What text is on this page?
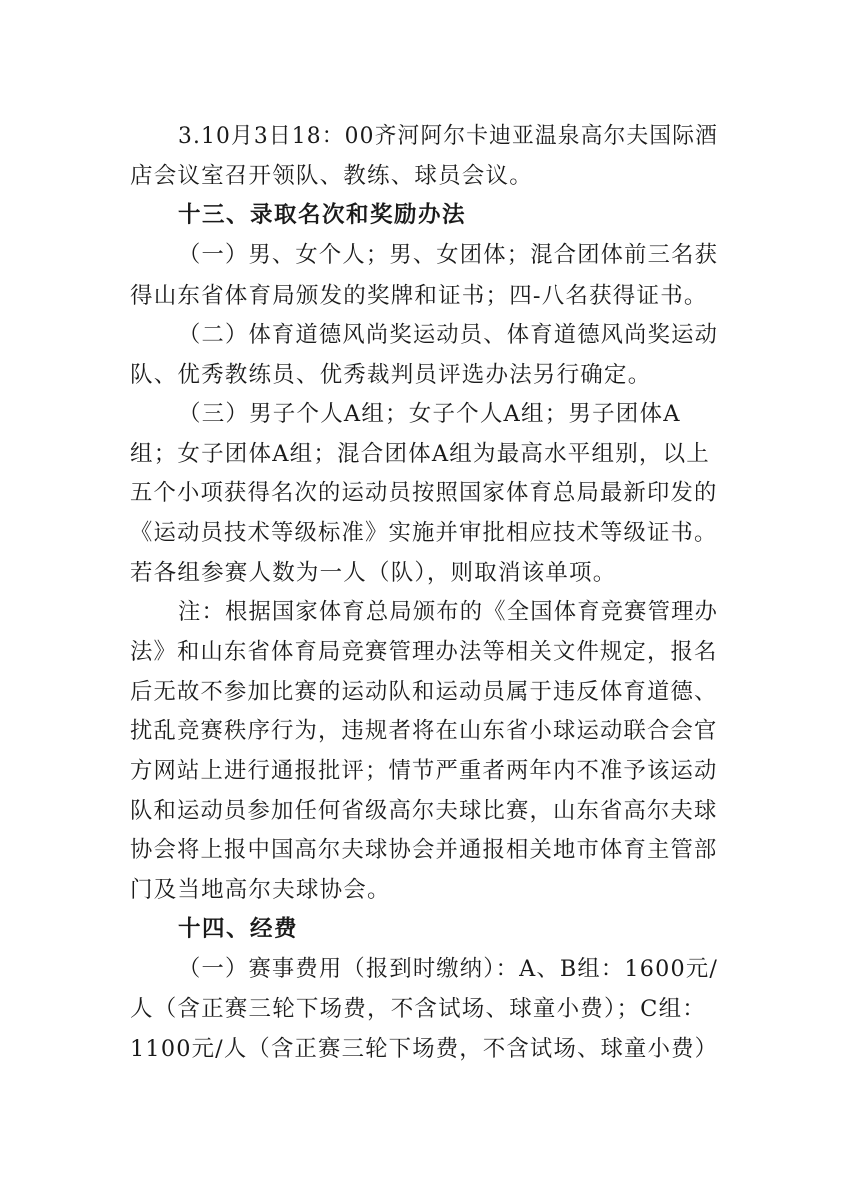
3.10月3日18：00齐河阿尔卡迪亚温泉高尔夫国际酒
店会议室召开领队、教练、球员会议。
十三、录取名次和奖励办法
（一）男、女个人；男、女团体；混合团体前三名获
得山东省体育局颁发的奖牌和证书；四-八名获得证书。
（二）体育道德风尚奖运动员、体育道德风尚奖运动
队、优秀教练员、优秀裁判员评选办法另行确定。
（三）男子个人A组；女子个人A组；男子团体A
组；女子团体A组；混合团体A组为最高水平组别，以上
五个小项获得名次的运动员按照国家体育总局最新印发的
《运动员技术等级标准》实施并审批相应技术等级证书。
若各组参赛人数为一人（队），则取消该单项。
注：根据国家体育总局颁布的《全国体育竞赛管理办
法》和山东省体育局竞赛管理办法等相关文件规定，报名
后无故不参加比赛的运动队和运动员属于违反体育道德、
扰乱竞赛秩序行为，违规者将在山东省小球运动联合会官
方网站上进行通报批评；情节严重者两年内不准予该运动
队和运动员参加任何省级高尔夫球比赛，山东省高尔夫球
协会将上报中国高尔夫球协会并通报相关地市体育主管部
门及当地高尔夫球协会。
十四、经费
（一）赛事费用（报到时缴纳）：A、B组：1600元/
人（含正赛三轮下场费，不含试场、球童小费）；C组：
1100元/人（含正赛三轮下场费，不含试场、球童小费）
